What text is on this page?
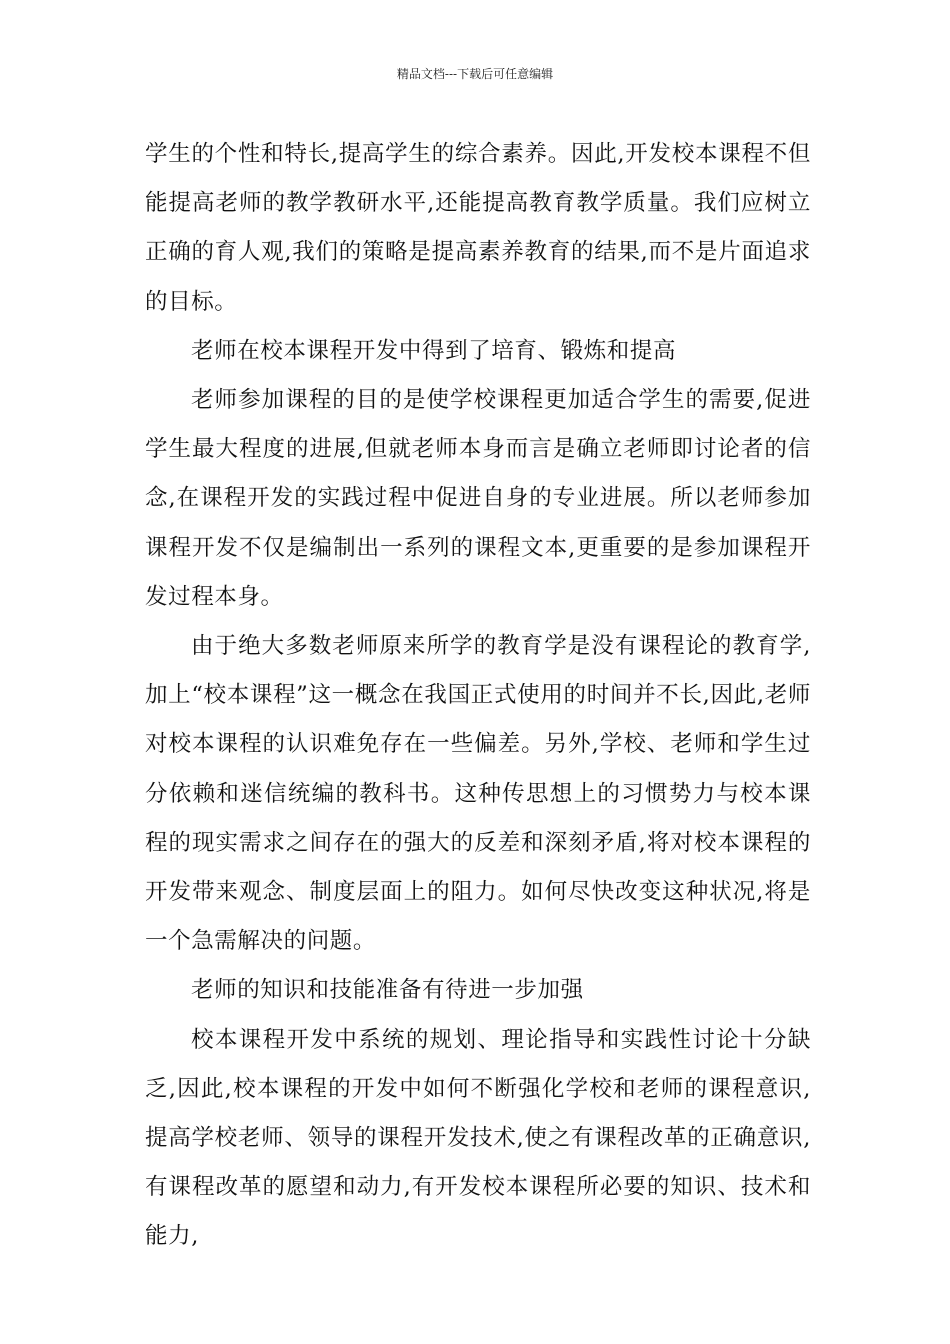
精品文档---下载后可任意编辑

学生的个性和特长,提高学生的综合素养。因此,开发校本课程不但能提高老师的教学教研水平,还能提高教育教学质量。我们应树立正确的育人观,我们的策略是提高素养教育的结果,而不是片面追求的目标。

老师在校本课程开发中得到了培育、锻炼和提高

老师参加课程的目的是使学校课程更加适合学生的需要,促进学生最大程度的进展,但就老师本身而言是确立老师即讨论者的信念,在课程开发的实践过程中促进自身的专业进展。所以老师参加课程开发不仅是编制出一系列的课程文本,更重要的是参加课程开发过程本身。

由于绝大多数老师原来所学的教育学是没有课程论的教育学,加上“校本课程”这一概念在我国正式使用的时间并不长,因此,老师对校本课程的认识难免存在一些偏差。另外,学校、老师和学生过分依赖和迷信统编的教科书。这种传思想上的习惯势力与校本课程的现实需求之间存在的强大的反差和深刻矛盾,将对校本课程的开发带来观念、制度层面上的阻力。如何尽快改变这种状况,将是一个急需解决的问题。

老师的知识和技能准备有待进一步加强

校本课程开发中系统的规划、理论指导和实践性讨论十分缺乏,因此,校本课程的开发中如何不断强化学校和老师的课程意识,提高学校老师、领导的课程开发技术,使之有课程改革的正确意识,有课程改革的愿望和动力,有开发校本课程所必要的知识、技术和能力,
